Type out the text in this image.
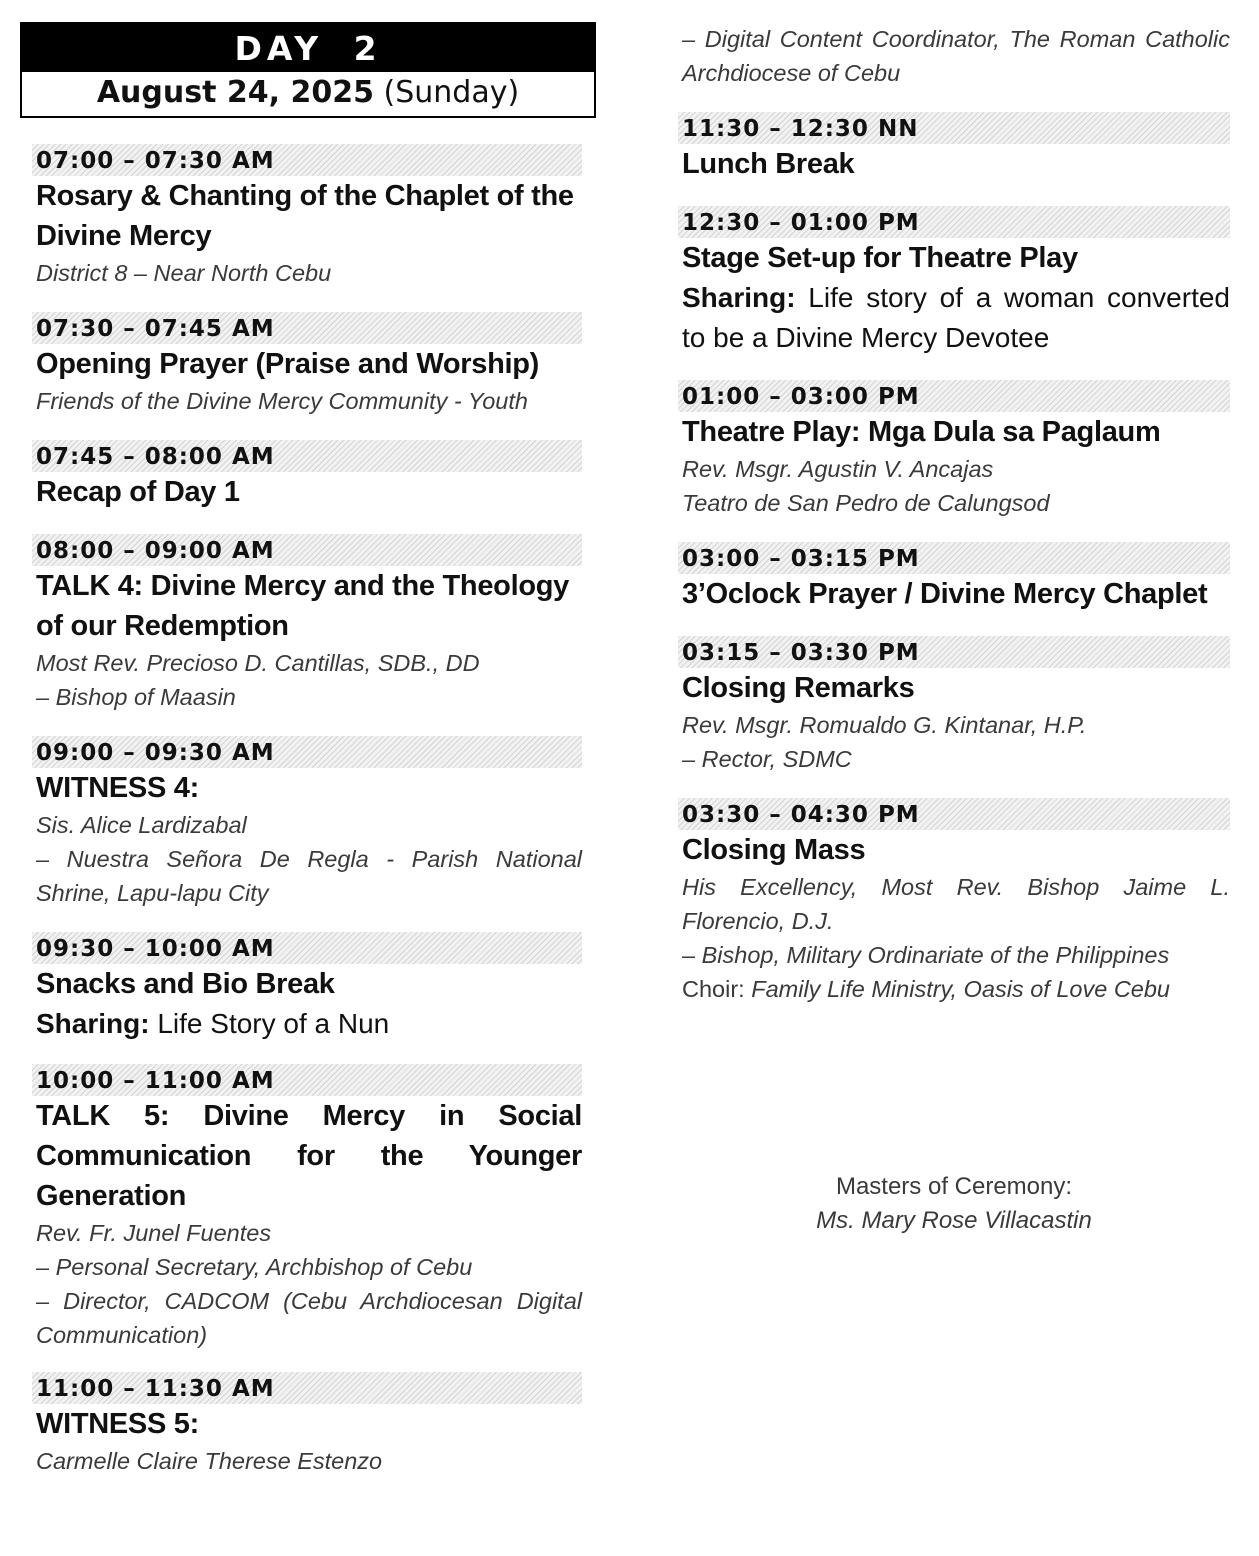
DAY 2
August 24, 2025 (Sunday)
07:00 – 07:30 AM
Rosary & Chanting of the Chaplet of the Divine Mercy
District 8 – Near North Cebu
07:30 – 07:45 AM
Opening Prayer (Praise and Worship)
Friends of the Divine Mercy Community - Youth
07:45 – 08:00 AM
Recap of Day 1
08:00 – 09:00 AM
TALK 4: Divine Mercy and the Theology of our Redemption
Most Rev. Precioso D. Cantillas, SDB., DD
– Bishop of Maasin
09:00 – 09:30 AM
WITNESS 4:
Sis. Alice Lardizabal
– Nuestra Señora De Regla - Parish National Shrine, Lapu-lapu City
09:30 – 10:00 AM
Snacks and Bio Break
Sharing: Life Story of a Nun
10:00 – 11:00 AM
TALK 5: Divine Mercy in Social Communication for the Younger Generation
Rev. Fr. Junel Fuentes
– Personal Secretary, Archbishop of Cebu
– Director, CADCOM (Cebu Archdiocesan Digital Communication)
11:00 – 11:30 AM
WITNESS 5:
Carmelle Claire Therese Estenzo
– Digital Content Coordinator, The Roman Catholic Archdiocese of Cebu
11:30 – 12:30 NN
Lunch Break
12:30 – 01:00 PM
Stage Set-up for Theatre Play
Sharing: Life story of a woman converted to be a Divine Mercy Devotee
01:00 – 03:00 PM
Theatre Play: Mga Dula sa Paglaum
Rev. Msgr. Agustin V. Ancajas
Teatro de San Pedro de Calungsod
03:00 – 03:15 PM
3’Oclock Prayer / Divine Mercy Chaplet
03:15 – 03:30 PM
Closing Remarks
Rev. Msgr. Romualdo G. Kintanar, H.P.
– Rector, SDMC
03:30 – 04:30 PM
Closing Mass
His Excellency, Most Rev. Bishop Jaime L. Florencio, D.J.
– Bishop, Military Ordinariate of the Philippines
Choir: Family Life Ministry, Oasis of Love Cebu
Masters of Ceremony:
Ms. Mary Rose Villacastin
